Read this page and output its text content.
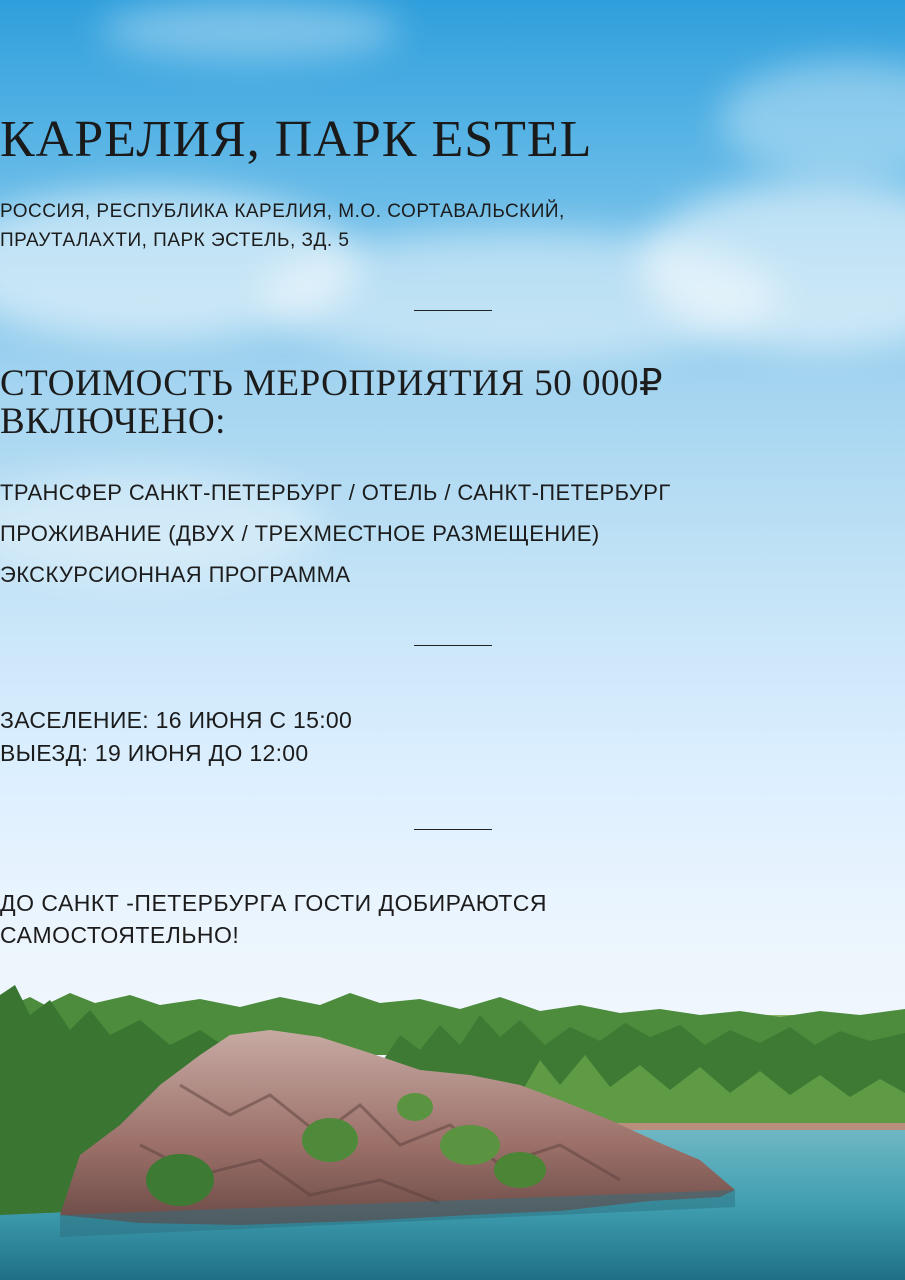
КАРЕЛИЯ, ПАРК ESTEL
РОССИЯ, РЕСПУБЛИКА КАРЕЛИЯ, М.О. СОРТАВАЛЬСКИЙ,
ПРАУТАЛАХТИ, ПАРК ЭСТЕЛЬ, ЗД. 5
СТОИМОСТЬ МЕРОПРИЯТИЯ 50 000₽
ВКЛЮЧЕНО:
ТРАНСФЕР САНКТ-ПЕТЕРБУРГ / ОТЕЛЬ / САНКТ-ПЕТЕРБУРГ
ПРОЖИВАНИЕ (ДВУХ / ТРЕХМЕСТНОЕ РАЗМЕЩЕНИЕ)
ЭКСКУРСИОННАЯ ПРОГРАММА
ЗАСЕЛЕНИЕ: 16 ИЮНЯ С 15:00
ВЫЕЗД: 19 ИЮНЯ ДО 12:00
ДО САНКТ -ПЕТЕРБУРГА ГОСТИ ДОБИРАЮТСЯ
САМОСТОЯТЕЛЬНО!
